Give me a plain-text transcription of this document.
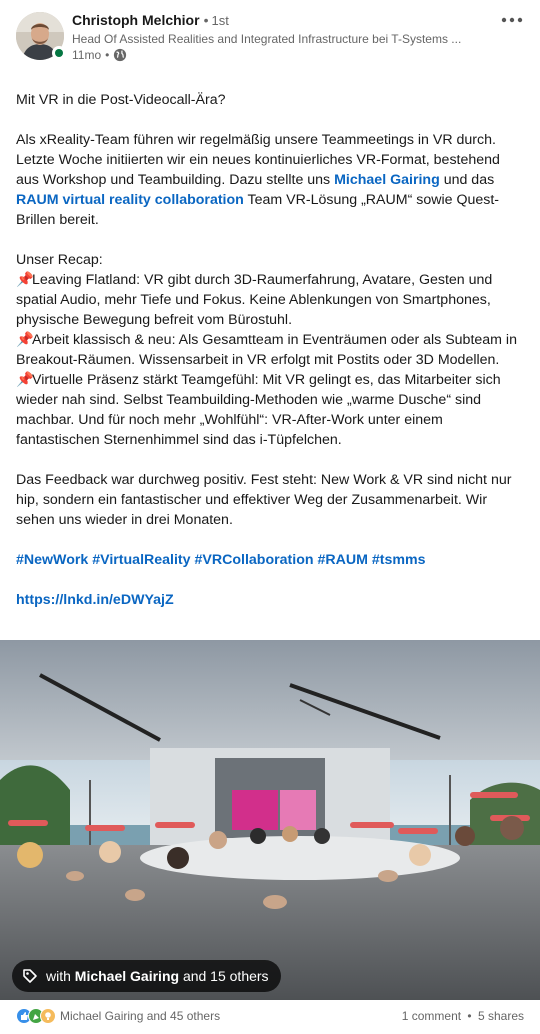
Christoph Melchior • 1st
Head Of Assisted Realities and Integrated Infrastructure bei T-Systems ...
11mo •

Mit VR in die Post-Videocall-Ära?

Als xReality-Team führen wir regelmäßig unsere Teammeetings in VR durch. Letzte Woche initiierten wir ein neues kontinuierliches VR-Format, bestehend aus Workshop und Teambuilding. Dazu stellte uns Michael Gairing und das RAUM virtual reality collaboration Team VR-Lösung „RAUM“ sowie Quest-Brillen bereit.

Unser Recap:

📌Leaving Flatland: VR gibt durch 3D-Raumerfahrung, Avatare, Gesten und spatial Audio, mehr Tiefe und Fokus. Keine Ablenkungen von Smartphones, physische Bewegung befreit vom Bürostuhl.

📌Arbeit klassisch & neu: Als Gesamtteam in Eventräumen oder als Subteam in Breakout-Räumen. Wissensarbeit in VR erfolgt mit Postits oder 3D Modellen.

📌Virtuelle Präsenz stärkt Teamgefühl: Mit VR gelingt es, das Mitarbeiter sich wieder nah sind. Selbst Teambuilding-Methoden wie „warme Dusche“ sind machbar. Und für noch mehr „Wohlfühl“: VR-After-Work unter einem fantastischen Sternenhimmel sind das i-Tüpfelchen.

Das Feedback war durchweg positiv. Fest steht: New Work & VR sind nicht nur hip, sondern ein fantastischer und effektiver Weg der Zusammenarbeit. Wir sehen uns wieder in drei Monaten.

#NewWork #VirtualReality #VRCollaboration #RAUM #tsmms

https://lnkd.in/eDWYajZ

with Michael Gairing and 15 others
Michael Gairing and 45 others	1 comment • 5 shares
